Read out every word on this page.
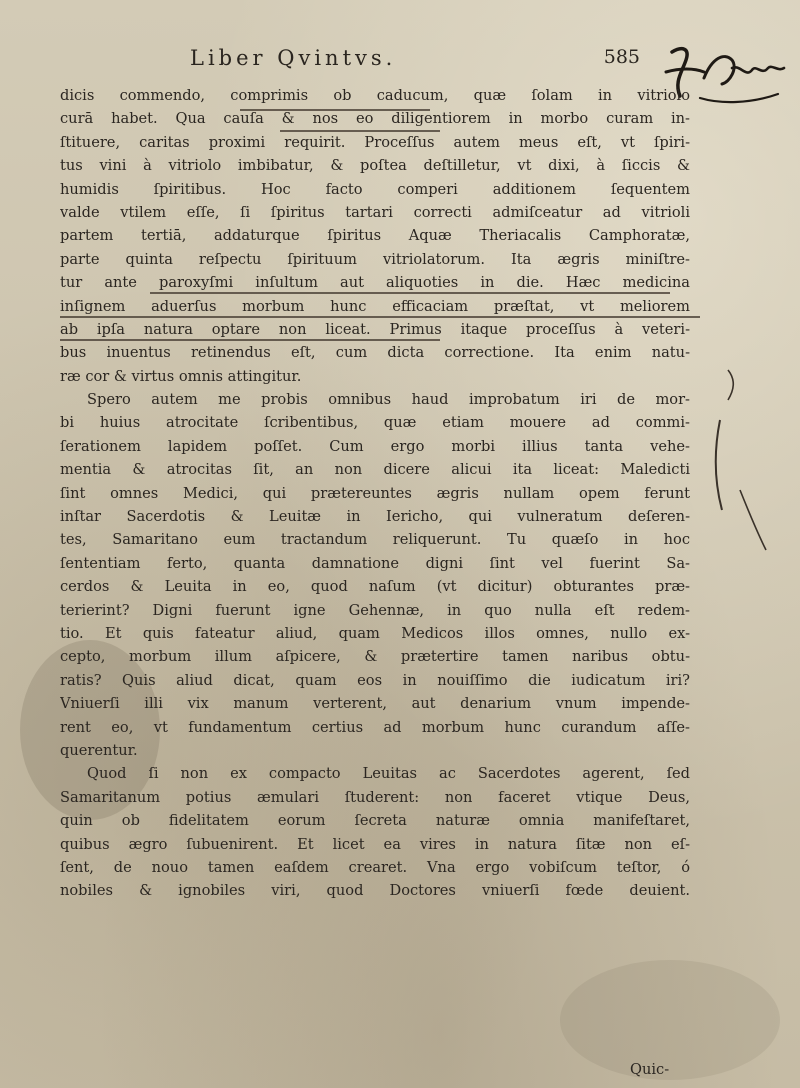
Liber Qvintvs.	585
dicis commendo, comprimis ob caducum, quæ ſolam in vitriolo
curā habet. Qua cauſa & nos eo diligentiorem in morbo curam in-
ſtituere, caritas proximi requirit. Proceſſus autem meus eſt, vt ſpiri-
tus vini à vitriolo imbibatur, & poſtea deſtilletur, vt dixi, à ſiccis &
humidis ſpiritibus. Hoc facto comperi additionem ſequentem
valde vtilem eſſe, ſi ſpiritus tartari correcti admiſceatur ad vitrioli
partem tertiā, addaturque ſpiritus Aquæ Theriacalis Camphoratæ,
parte quinta reſpectu ſpirituum vitriolatorum. Ita ægris miniſtre-
tur ante paroxyſmi inſultum aut aliquoties in die. Hæc medicina
inſignem aduerſus morbum hunc efficaciam præſtat, vt meliorem
ab ipſa natura optare non liceat. Primus itaque proceſſus à veteri-
bus inuentus retinendus eſt, cum dicta correctione. Ita enim natu-
ræ cor & virtus omnis attingitur.
Spero autem me probis omnibus haud improbatum iri de mor-
bi huius atrocitate ſcribentibus, quæ etiam mouere ad commi-
ſerationem lapidem poſſet. Cum ergo morbi illius tanta vehe-
mentia & atrocitas ſit, an non dicere alicui ita liceat: Maledicti
ſint omnes Medici, qui prætereuntes ægris nullam opem ferunt
inſtar Sacerdotis & Leuitæ in Iericho, qui vulneratum deſeren-
tes, Samaritano eum tractandum reliquerunt. Tu quæſo in hoc
ſententiam ferto, quanta damnatione digni ſint vel fuerint Sa-
cerdos & Leuita in eo, quod naſum (vt dicitur) obturantes præ-
terierint? Digni fuerunt igne Gehennæ, in quo nulla eſt redem-
tio. Et quis fateatur aliud, quam Medicos illos omnes, nullo ex-
cepto, morbum illum aſpicere, & prætertire tamen naribus obtu-
ratis? Quis aliud dicat, quam eos in nouiſſimo die iudicatum iri?
Vniuerſi illi vix manum verterent, aut denarium vnum impende-
rent eo, vt fundamentum certius ad morbum hunc curandum aſſe-
querentur.
Quod ſi non ex compacto Leuitas ac Sacerdotes agerent, ſed
Samaritanum potius æmulari ſtuderent: non faceret vtique Deus,
quin ob fidelitatem eorum ſecreta naturæ omnia manifeſtaret,
quibus ægro ſubuenirent. Et licet ea vires in natura ſitæ non eſ-
ſent, de nouo tamen eaſdem crearet. Vna ergo vobiſcum teſtor, ó
nobiles & ignobiles viri, quod Doctores vniuerſi fœde deuient.
Quic-
